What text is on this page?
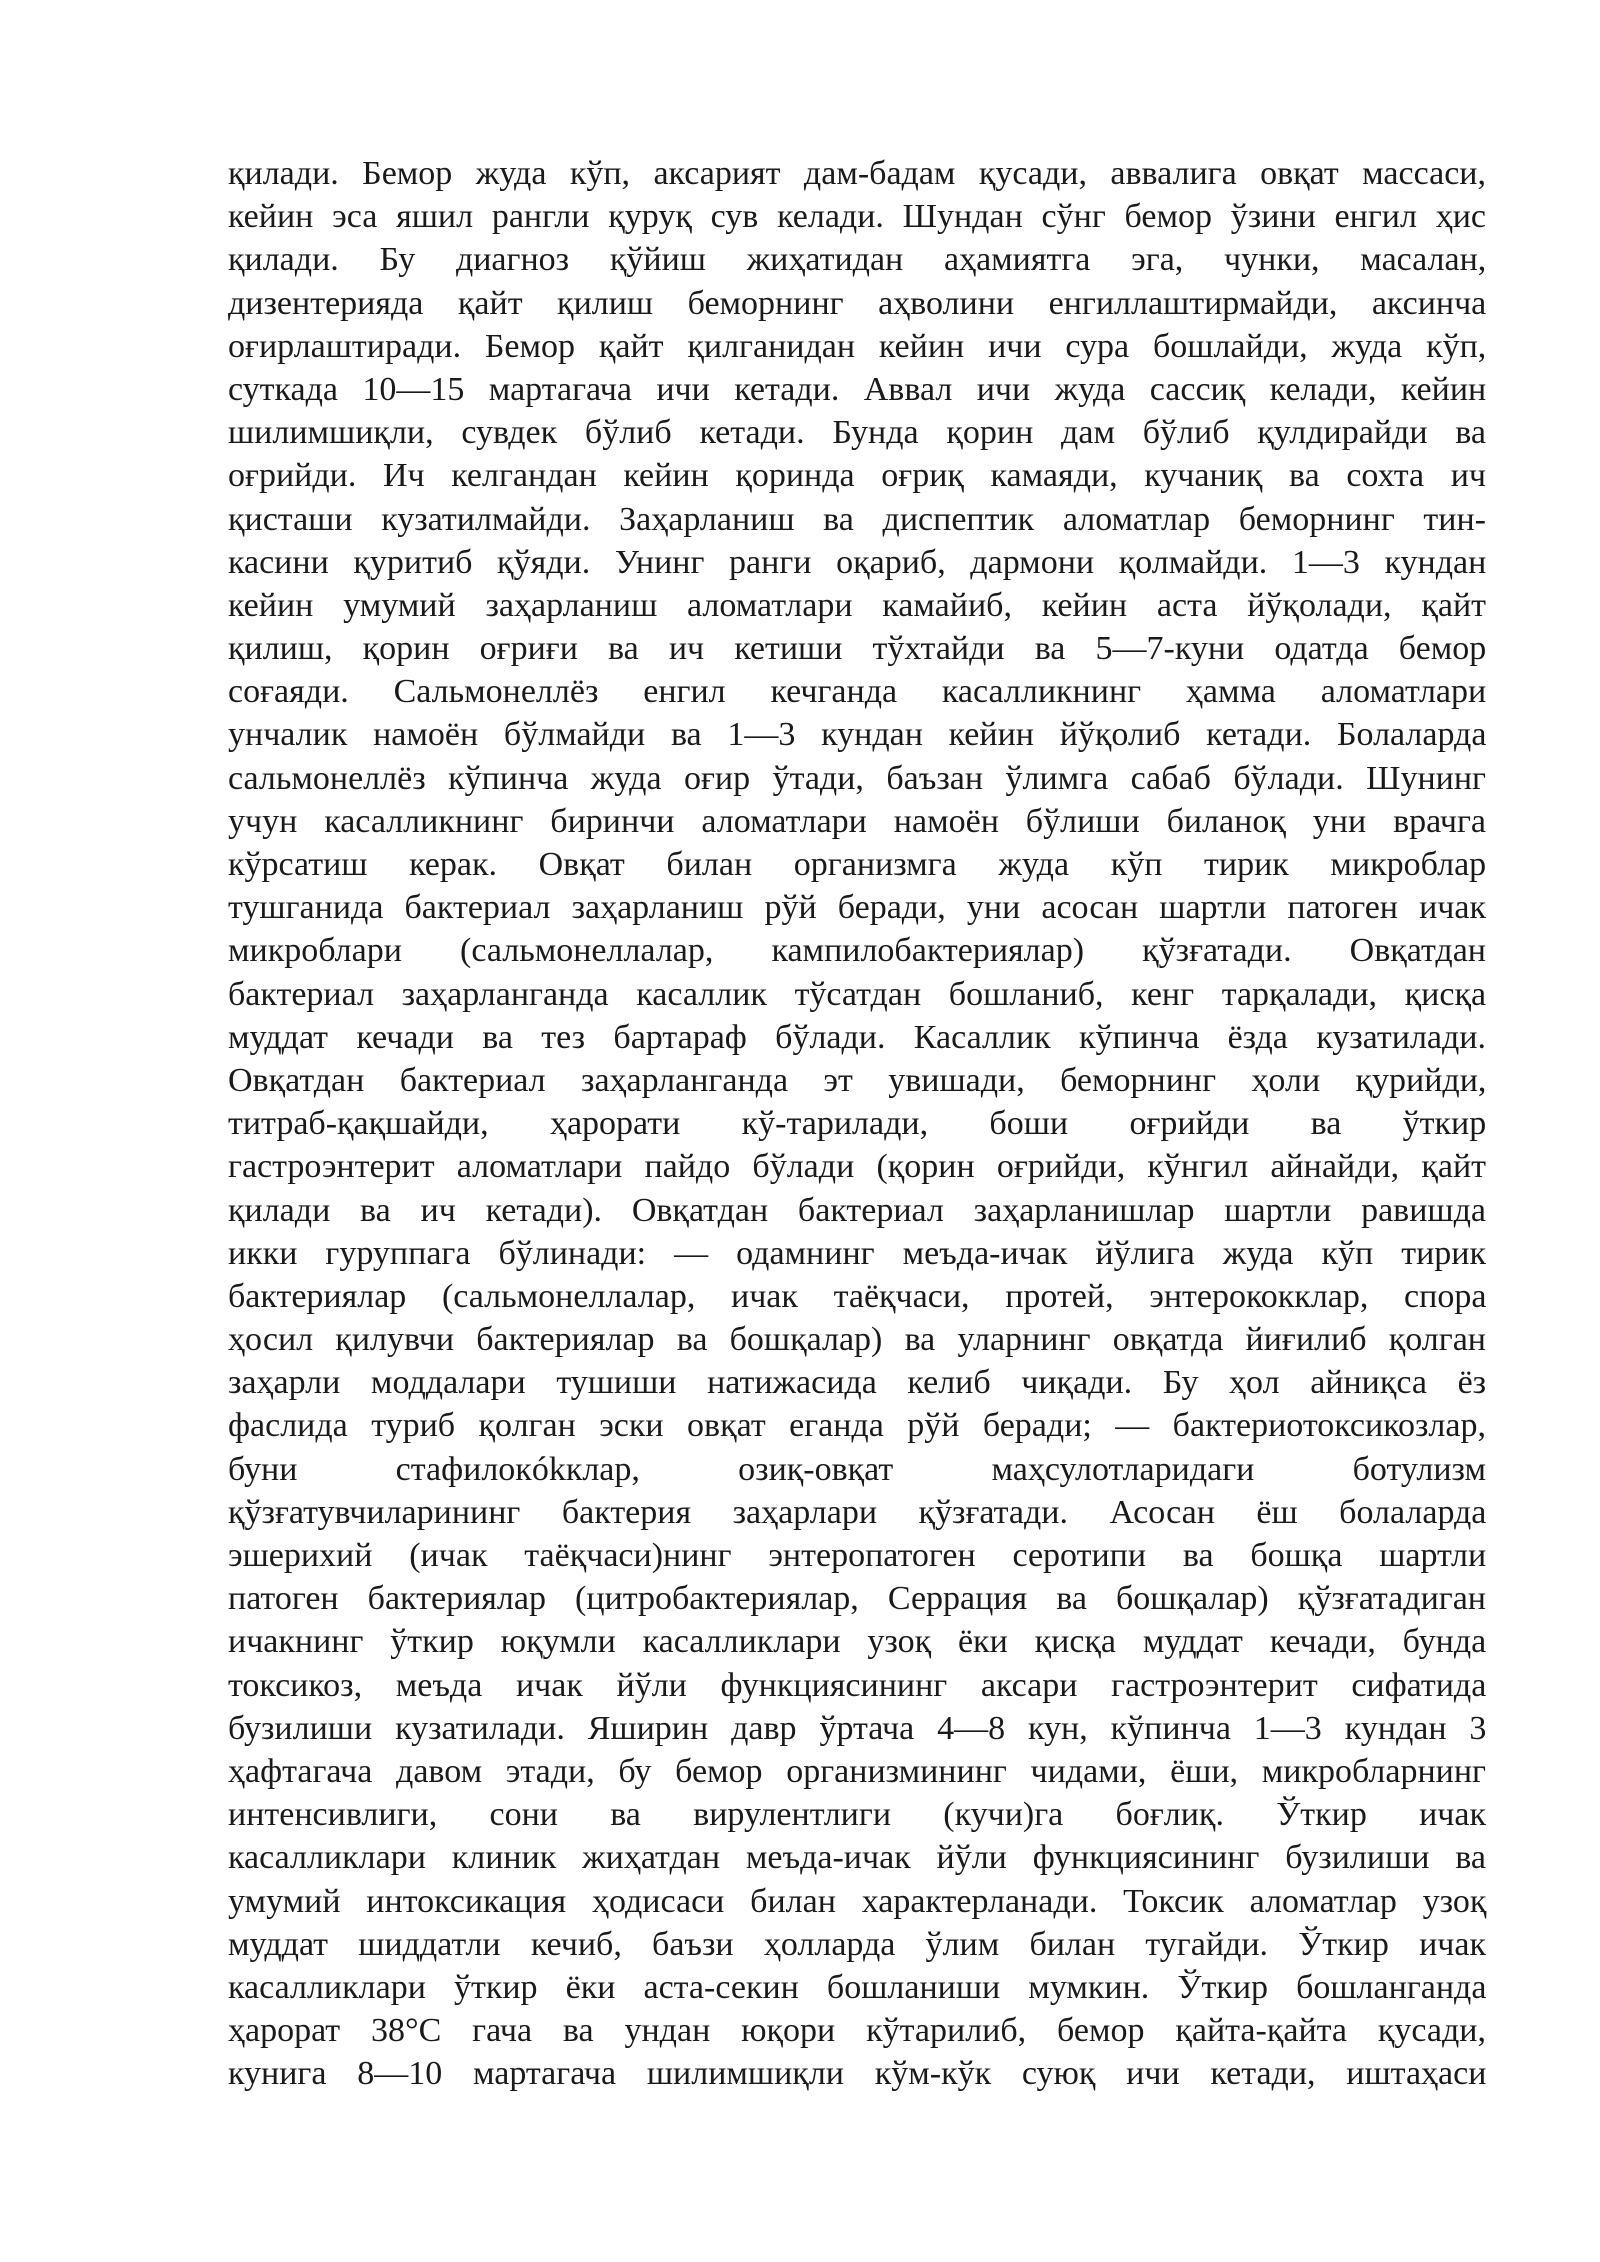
қилади. Бемор жуда кўп, аксарият дам-бадам қусади, аввалига овқат массаси,
кейин эса яшил рангли қуруқ сув келади. Шундан сўнг бемор ўзини енгил ҳис
қилади. Бу диагноз қўйиш жиҳатидан аҳамиятга эга, чунки, масалан,
дизентерияда қайт қилиш беморнинг аҳволини енгиллаштирмайди, аксинча
оғирлаштиради. Бемор қайт қилганидан кейин ичи сура бошлайди, жуда кўп,
суткада 10—15 мартагача ичи кетади. Аввал ичи жуда сассиқ келади, кейин
шилимшиқли, сувдек бўлиб кетади. Бунда қорин дам бўлиб қулдирайди ва
оғрийди. Ич келгандан кейин қоринда оғриқ камаяди, кучаниқ ва сохта ич
қисташи кузатилмайди. Заҳарланиш ва диспептик аломатлар беморнинг тин-
касини қуритиб қўяди. Унинг ранги оқариб, дармони қолмайди. 1—3 кундан
кейин умумий заҳарланиш аломатлари камайиб, кейин аста йўқолади, қайт
қилиш, қорин оғриғи ва ич кетиши тўхтайди ва 5—7-куни одатда бемор
соғаяди. Сальмонеллёз енгил кечганда касалликнинг ҳамма аломатлари
унчалик намоён бўлмайди ва 1—3 кундан кейин йўқолиб кетади. Болаларда
сальмонеллёз кўпинча жуда оғир ўтади, баъзан ўлимга сабаб бўлади. Шунинг
учун касалликнинг биринчи аломатлари намоён бўлиши биланоқ уни врачга
кўрсатиш керак. Овқат билан организмга жуда кўп тирик микроблар
тушганида бактериал заҳарланиш рўй беради, уни асосан шартли патоген ичак
микроблари (сальмонеллалар, кампилобактериялар) қўзғатади. Овқатдан
бактериал заҳарланганда касаллик тўсатдан бошланиб, кенг тарқалади, қисқа
муддат кечади ва тез бартараф бўлади. Касаллик кўпинча ёзда кузатилади.
Овқатдан бактериал заҳарланганда эт увишади, беморнинг ҳоли қурийди,
титраб-қақшайди, ҳарорати кў-тарилади, боши оғрийди ва ўткир
гастроэнтерит аломатлари пайдо бўлади (қорин оғрийди, кўнгил айнайди, қайт
қилади ва ич кетади). Овқатдан бактериал заҳарланишлар шартли равишда
икки гуруппага бўлинади: — одамнинг меъда-ичак йўлига жуда кўп тирик
бактериялар (сальмонеллалар, ичак таёқчаси, протей, энтерококклар, спора
ҳосил қилувчи бактериялар ва бошқалар) ва уларнинг овқатда йиғилиб қолган
заҳарли моддалари тушиши натижасида келиб чиқади. Бу ҳол айниқса ёз
фаслида туриб қолган эски овқат еганда рўй беради; — бактериотоксикозлар,
буни стафилокókклар, озиқ-овқат маҳсулотларидаги ботулизм
қўзғатувчиларининг бактерия заҳарлари қўзғатади. Асосан ёш болаларда
эшерихий (ичак таёқчаси)нинг энтеропатоген серотипи ва бошқа шартли
патоген бактериялар (цитробактериялар, Серрация ва бошқалар) қўзғатадиган
ичакнинг ўткир юқумли касалликлари узоқ ёки қисқа муддат кечади, бунда
токсикоз, меъда ичак йўли функциясининг аксари гастроэнтерит сифатида
бузилиши кузатилади. Яширин давр ўртача 4—8 кун, кўпинча 1—3 кундан 3
ҳафтагача давом этади, бу бемор организмининг чидами, ёши, микробларнинг
интенсивлиги, сони ва вирулентлиги (кучи)га боғлиқ. Ўткир ичак
касалликлари клиник жиҳатдан меъда-ичак йўли функциясининг бузилиши ва
умумий интоксикация ҳодисаси билан характерланади. Токсик аломатлар узоқ
муддат шиддатли кечиб, баъзи ҳолларда ўлим билан тугайди. Ўткир ичак
касалликлари ўткир ёки аста-секин бошланиши мумкин. Ўткир бошланганда
ҳарорат 38°С гача ва ундан юқори кўтарилиб, бемор қайта-қайта қусади,
кунига 8—10 мартагача шилимшиқли кўм-кўк суюқ ичи кетади, иштаҳаси
